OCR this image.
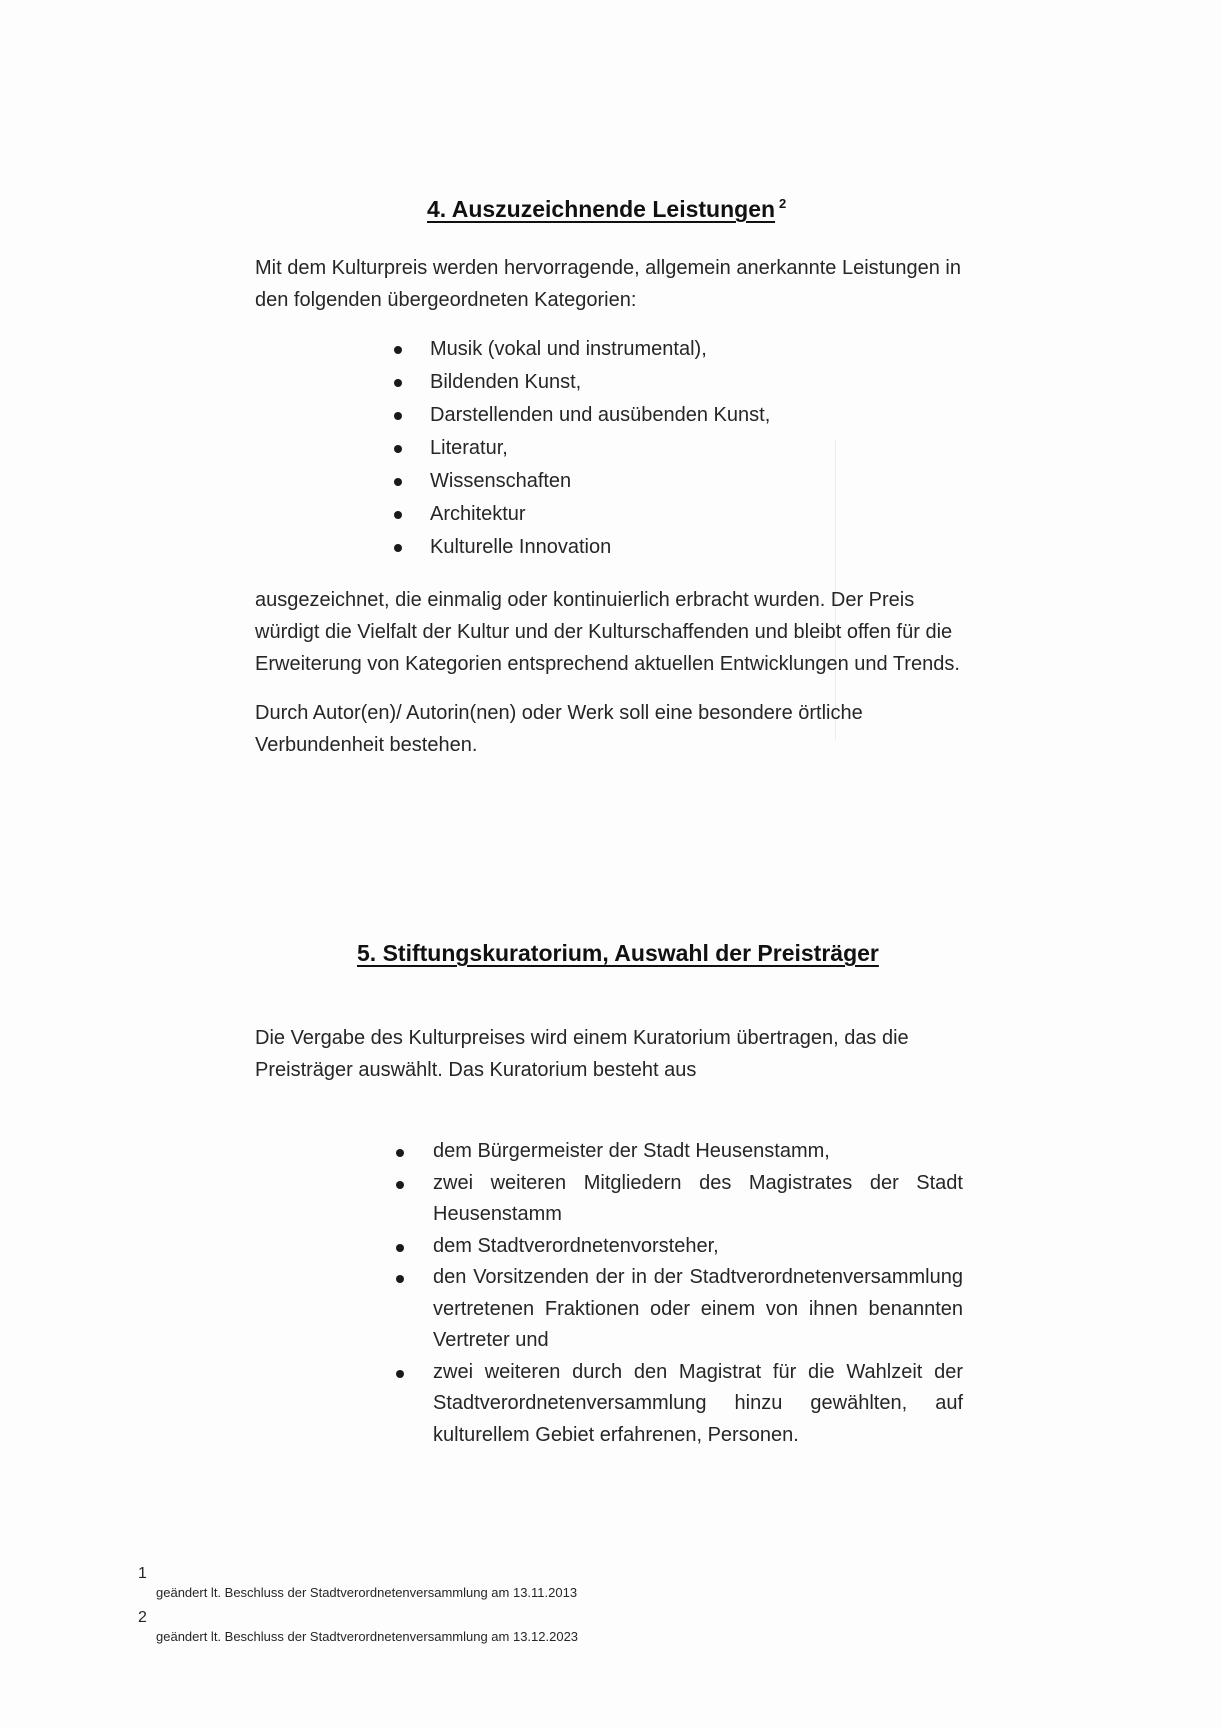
4. Auszuzeichnende Leistungen $^2$
Mit dem Kulturpreis werden hervorragende, allgemein anerkannte Leistungen in den folgenden übergeordneten Kategorien:
Musik (vokal und instrumental),
Bildenden Kunst,
Darstellenden und ausübenden Kunst,
Literatur,
Wissenschaften
Architektur
Kulturelle Innovation
ausgezeichnet, die einmalig oder kontinuierlich erbracht wurden. Der Preis würdigt die Vielfalt der Kultur und der Kulturschaffenden und bleibt offen für die Erweiterung von Kategorien entsprechend aktuellen Entwicklungen und Trends.
Durch Autor(en)/ Autorin(nen) oder Werk soll eine besondere örtliche Verbundenheit bestehen.
5. Stiftungskuratorium, Auswahl der Preisträger
Die Vergabe des Kulturpreises wird einem Kuratorium übertragen, das die Preisträger auswählt. Das Kuratorium besteht aus
dem Bürgermeister der Stadt Heusenstamm,
zwei weiteren Mitgliedern des Magistrates der Stadt Heusenstamm
dem Stadtverordnetenvorsteher,
den Vorsitzenden der in der Stadtverordnetenversammlung vertretenen Fraktionen oder einem von ihnen benannten Vertreter und
zwei weiteren durch den Magistrat für die Wahlzeit der Stadtverordnetenversammlung hinzu gewählten, auf kulturellem Gebiet erfahrenen, Personen.
1
geändert lt. Beschluss der Stadtverordnetenversammlung am 13.11.2013
2
geändert lt. Beschluss der Stadtverordnetenversammlung am 13.12.2023
